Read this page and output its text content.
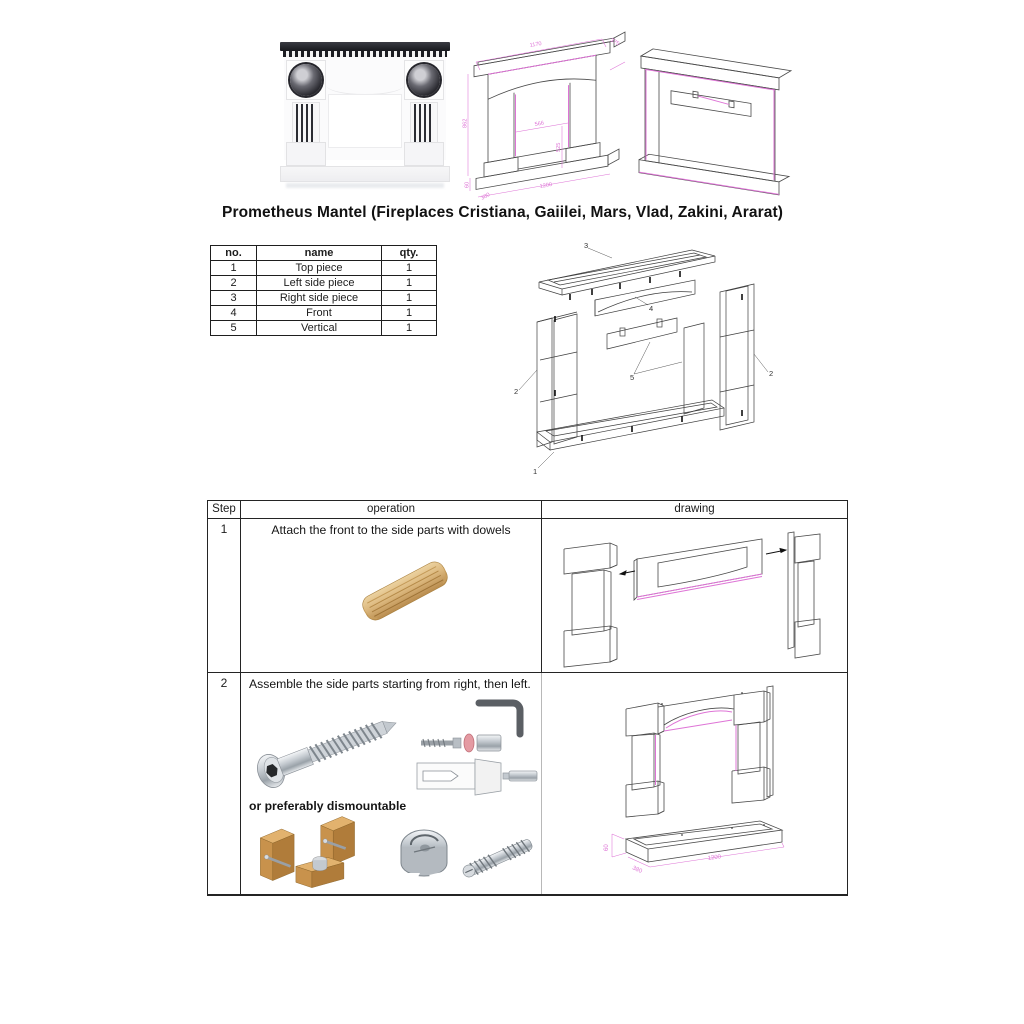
1170	375
862	566
525
60	1200
380
Prometheus Mantel (Fireplaces Cristiana, Gaiilei, Mars, Vlad, Zakini, Ararat)
no.	name	qty.
1	Top piece	1
2	Left side piece	1
3	Right side piece	1
4	Front	1
5	Vertical	1
3
4
5
2
2
1
Step	operation	drawing
1	Attach the front to the side parts with dowels
2	Assemble the side parts starting from right, then left.
or preferably dismountable
60
380
1200
